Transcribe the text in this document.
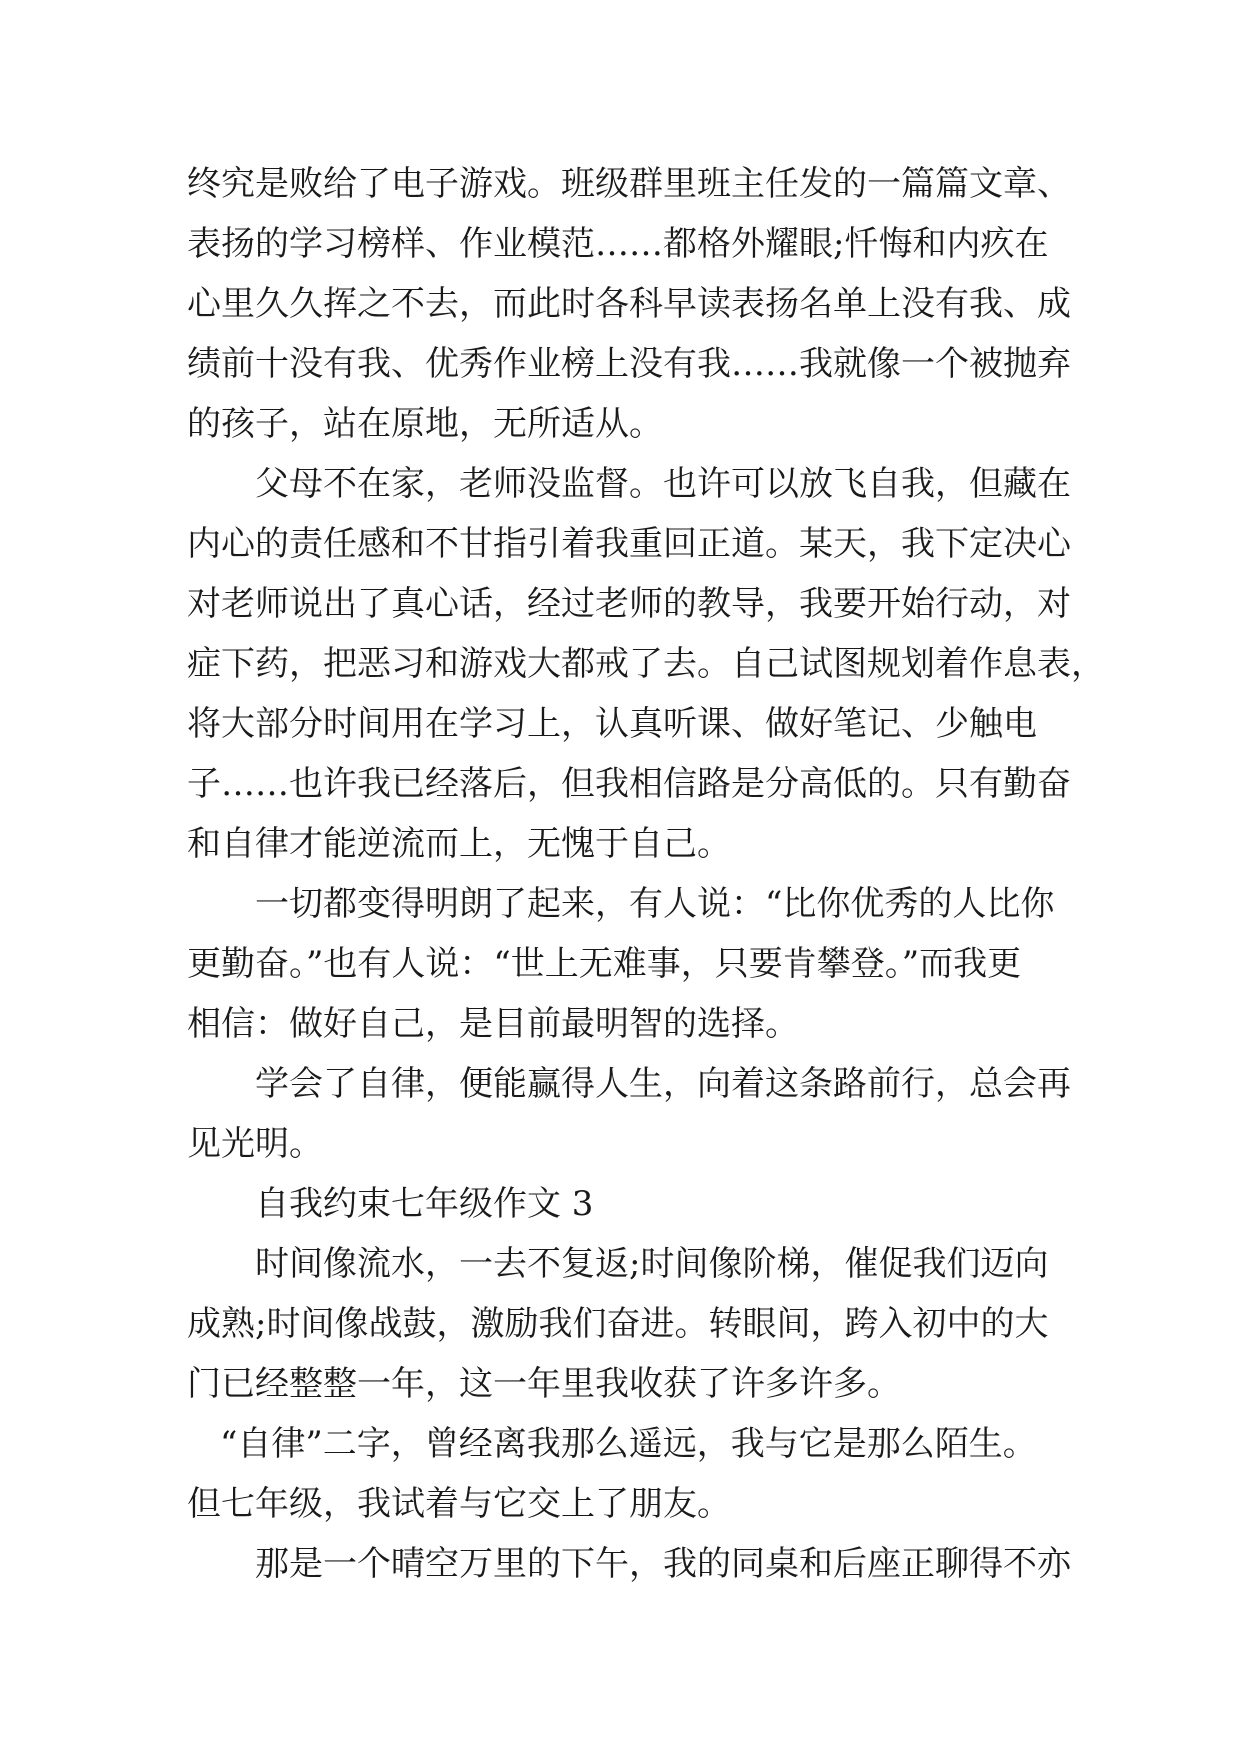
终究是败给了电子游戏。班级群里班主任发的一篇篇文章、
表扬的学习榜样、作业模范……都格外耀眼;忏悔和内疚在
心里久久挥之不去，而此时各科早读表扬名单上没有我、成
绩前十没有我、优秀作业榜上没有我……我就像一个被抛弃
的孩子，站在原地，无所适从。
父母不在家，老师没监督。也许可以放飞自我，但藏在
内心的责任感和不甘指引着我重回正道。某天，我下定决心
对老师说出了真心话，经过老师的教导，我要开始行动，对
症下药，把恶习和游戏大都戒了去。自己试图规划着作息表，
将大部分时间用在学习上，认真听课、做好笔记、少触电
子……也许我已经落后，但我相信路是分高低的。只有勤奋
和自律才能逆流而上，无愧于自己。
一切都变得明朗了起来，有人说：“比你优秀的人比你
更勤奋。”也有人说：“世上无难事，只要肯攀登。”而我更
相信：做好自己，是目前最明智的选择。
学会了自律，便能赢得人生，向着这条路前行，总会再
见光明。
自我约束七年级作文 3
时间像流水，一去不复返;时间像阶梯，催促我们迈向
成熟;时间像战鼓，激励我们奋进。转眼间，跨入初中的大
门已经整整一年，这一年里我收获了许多许多。
“自律”二字，曾经离我那么遥远，我与它是那么陌生。
但七年级，我试着与它交上了朋友。
那是一个晴空万里的下午，我的同桌和后座正聊得不亦
